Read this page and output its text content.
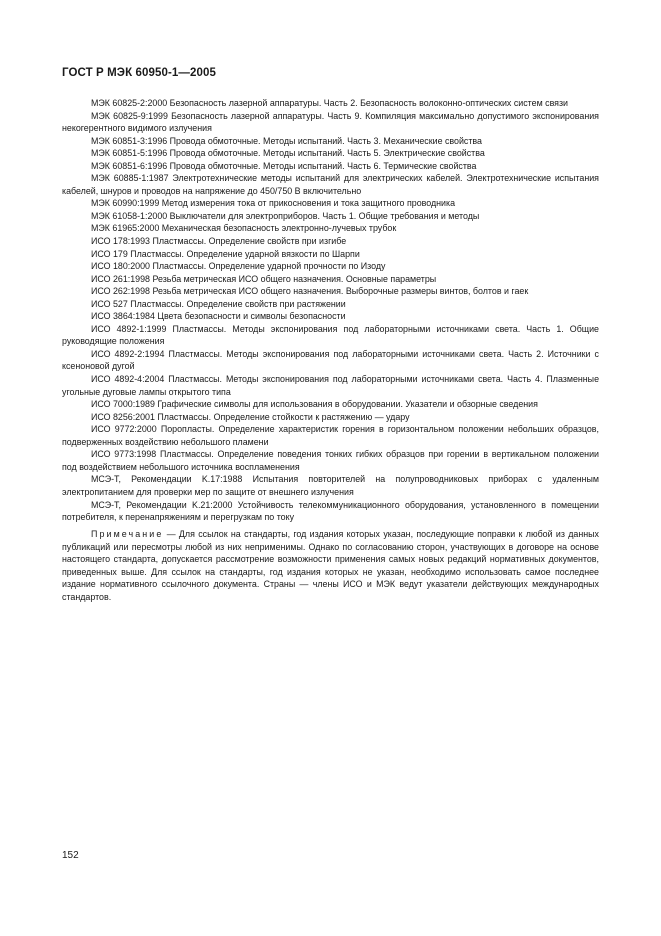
ГОСТ Р МЭК 60950-1—2005

МЭК 60825-2:2000 Безопасность лазерной аппаратуры. Часть 2. Безопасность волоконно-оптических систем связи

МЭК 60825-9:1999 Безопасность лазерной аппаратуры. Часть 9. Компиляция максимально допустимого экспонирования некогерентного видимого излучения

МЭК 60851-3:1996 Провода обмоточные. Методы испытаний. Часть 3. Механические свойства

МЭК 60851-5:1996 Провода обмоточные. Методы испытаний. Часть 5. Электрические свойства

МЭК 60851-6:1996 Провода обмоточные. Методы испытаний. Часть 6. Термические свойства

МЭК 60885-1:1987 Электротехнические методы испытаний для электрических кабелей. Электротехнические испытания кабелей, шнуров и проводов на напряжение до 450/750 В включительно

МЭК 60990:1999 Метод измерения тока от прикосновения и тока защитного проводника

МЭК 61058-1:2000 Выключатели для электроприборов. Часть 1. Общие требования и методы

МЭК 61965:2000 Механическая безопасность электронно-лучевых трубок

ИСО 178:1993 Пластмассы. Определение свойств при изгибе

ИСО 179 Пластмассы. Определение ударной вязкости по Шарпи

ИСО 180:2000 Пластмассы. Определение ударной прочности по Изоду

ИСО 261:1998 Резьба метрическая ИСО общего назначения. Основные параметры

ИСО 262:1998 Резьба метрическая ИСО общего назначения. Выборочные размеры винтов, болтов и гаек

ИСО 527 Пластмассы. Определение свойств при растяжении

ИСО 3864:1984 Цвета безопасности и символы безопасности

ИСО 4892-1:1999 Пластмассы. Методы экспонирования под лабораторными источниками света. Часть 1. Общие руководящие положения

ИСО 4892-2:1994 Пластмассы. Методы экспонирования под лабораторными источниками света. Часть 2. Источники с ксеноновой дугой

ИСО 4892-4:2004 Пластмассы. Методы экспонирования под лабораторными источниками света. Часть 4. Плазменные угольные дуговые лампы открытого типа

ИСО 7000:1989 Графические символы для использования в оборудовании. Указатели и обзорные сведения

ИСО 8256:2001 Пластмассы. Определение стойкости к растяжению — удару

ИСО 9772:2000 Поропласты. Определение характеристик горения в горизонтальном положении небольших образцов, подверженных воздействию небольшого пламени

ИСО 9773:1998 Пластмассы. Определение поведения тонких гибких образцов при горении в вертикальном положении под воздействием небольшого источника воспламенения

МСЭ-Т, Рекомендации K.17:1988 Испытания повторителей на полупроводниковых приборах с удаленным электропитанием для проверки мер по защите от внешнего излучения

МСЭ-Т, Рекомендации K.21:2000 Устойчивость телекоммуникационного оборудования, установленного в помещении потребителя, к перенапряжениям и перегрузкам по току

Примечание — Для ссылок на стандарты, год издания которых указан, последующие поправки к любой из данных публикаций или пересмотры любой из них неприменимы. Однако по согласованию сторон, участвующих в договоре на основе настоящего стандарта, допускается рассмотрение возможности применения самых новых редакций нормативных документов, приведенных выше. Для ссылок на стандарты, год издания которых не указан, необходимо использовать самое последнее издание нормативного ссылочного документа. Страны — члены ИСО и МЭК ведут указатели действующих международных стандартов.

152
